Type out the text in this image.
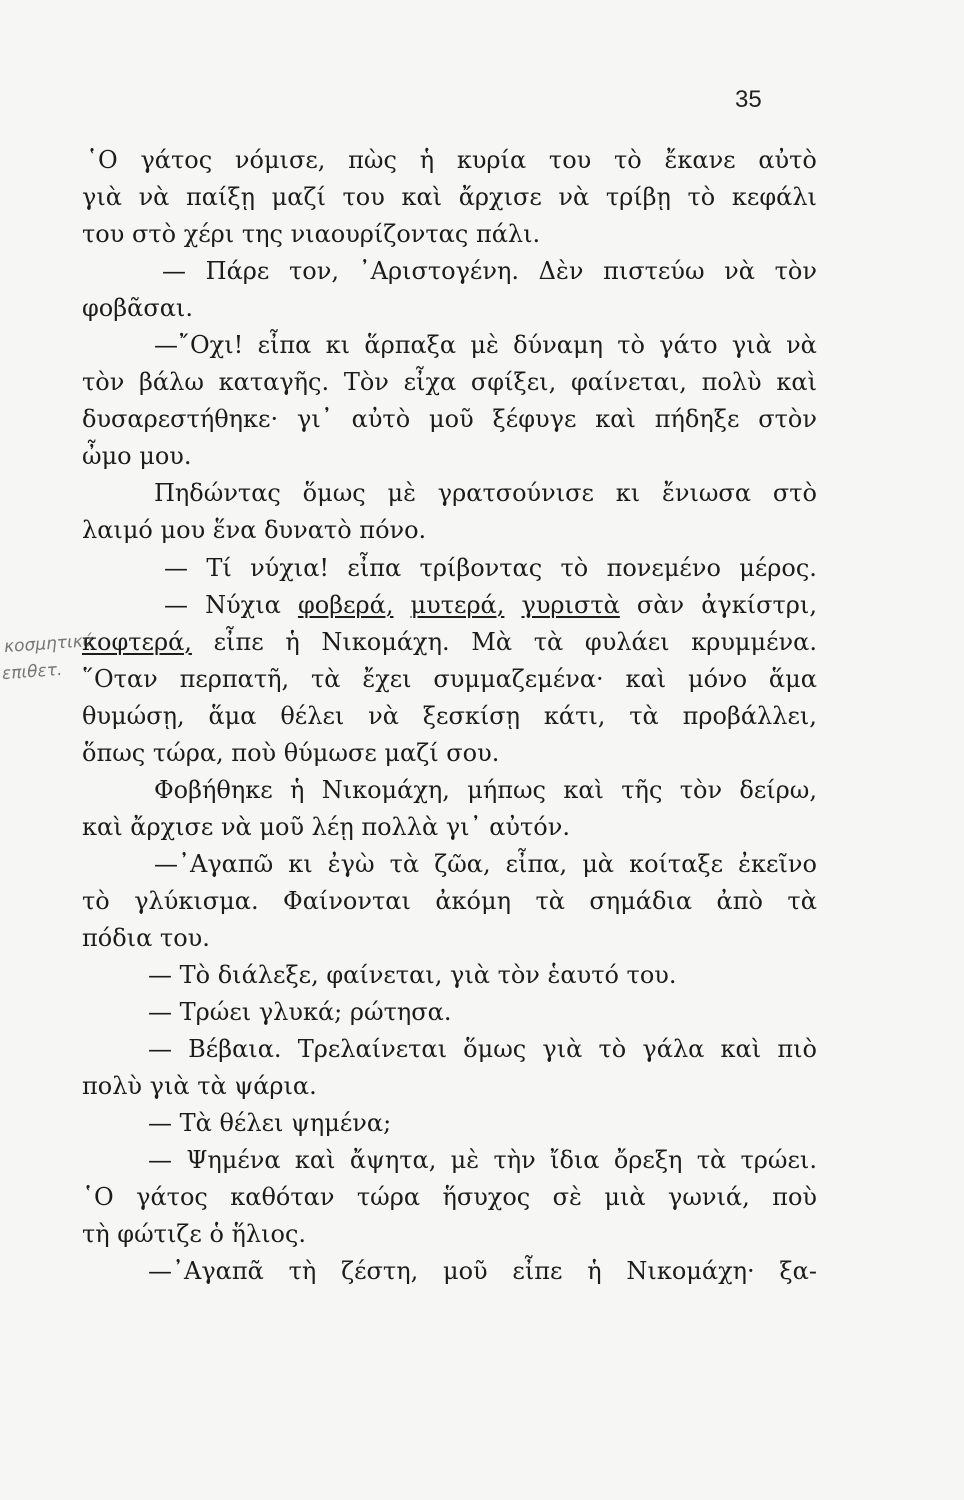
35
κοσμητικά
επιθετ.
῾Ο γάτος νόμισε, πὼς ἡ κυρία του τὸ ἔκανε αὐτὸ
γιὰ νὰ παίξῃ μαζί του καὶ ἄρχισε νὰ τρίβῃ τὸ κεφάλι
του στὸ χέρι της νιαουρίζοντας πάλι.
— Πάρε τον, ᾿Αριστογένη. Δὲν πιστεύω νὰ τὸν
φοβᾶσαι.
—῎Οχι! εἶπα κι ἅρπαξα μὲ δύναμη τὸ γάτο γιὰ νὰ
τὸν βάλω καταγῆς. Τὸν εἶχα σφίξει, φαίνεται, πολὺ καὶ
δυσαρεστήθηκε· γι᾿ αὐτὸ μοῦ ξέφυγε καὶ πήδηξε στὸν
ὦμο μου.
Πηδώντας ὅμως μὲ γρατσούνισε κι ἔνιωσα στὸ
λαιμό μου ἕνα δυνατὸ πόνο.
— Τί νύχια! εἶπα τρίβοντας τὸ πονεμένο μέρος.
— Νύχια φοβερά, μυτερά, γυριστὰ σὰν ἀγκίστρι,
κοφτερά, εἶπε ἡ Νικομάχη. Μὰ τὰ φυλάει κρυμμένα.
῞Οταν περπατῆ, τὰ ἔχει συμμαζεμένα· καὶ μόνο ἅμα
θυμώσῃ, ἅμα θέλει νὰ ξεσκίσῃ κάτι, τὰ προβάλλει,
ὅπως τώρα, ποὺ θύμωσε μαζί σου.
Φοβήθηκε ἡ Νικομάχη, μήπως καὶ τῆς τὸν δείρω,
καὶ ἄρχισε νὰ μοῦ λέῃ πολλὰ γι᾿ αὐτόν.
—᾿Αγαπῶ κι ἐγὼ τὰ ζῶα, εἶπα, μὰ κοίταξε ἐκεῖνο
τὸ γλύκισμα. Φαίνονται ἀκόμη τὰ σημάδια ἀπὸ τὰ
πόδια του.
— Τὸ διάλεξε, φαίνεται, γιὰ τὸν ἑαυτό του.
— Τρώει γλυκά; ρώτησα.
— Βέβαια. Τρελαίνεται ὅμως γιὰ τὸ γάλα καὶ πιὸ
πολὺ γιὰ τὰ ψάρια.
— Τὰ θέλει ψημένα;
— Ψημένα καὶ ἄψητα, μὲ τὴν ἴδια ὄρεξη τὰ τρώει.
῾Ο γάτος καθόταν τώρα ἥσυχος σὲ μιὰ γωνιά, ποὺ
τὴ φώτιζε ὁ ἥλιος.
—᾿Αγαπᾶ τὴ ζέστη, μοῦ εἶπε ἡ Νικομάχη· ξα-
